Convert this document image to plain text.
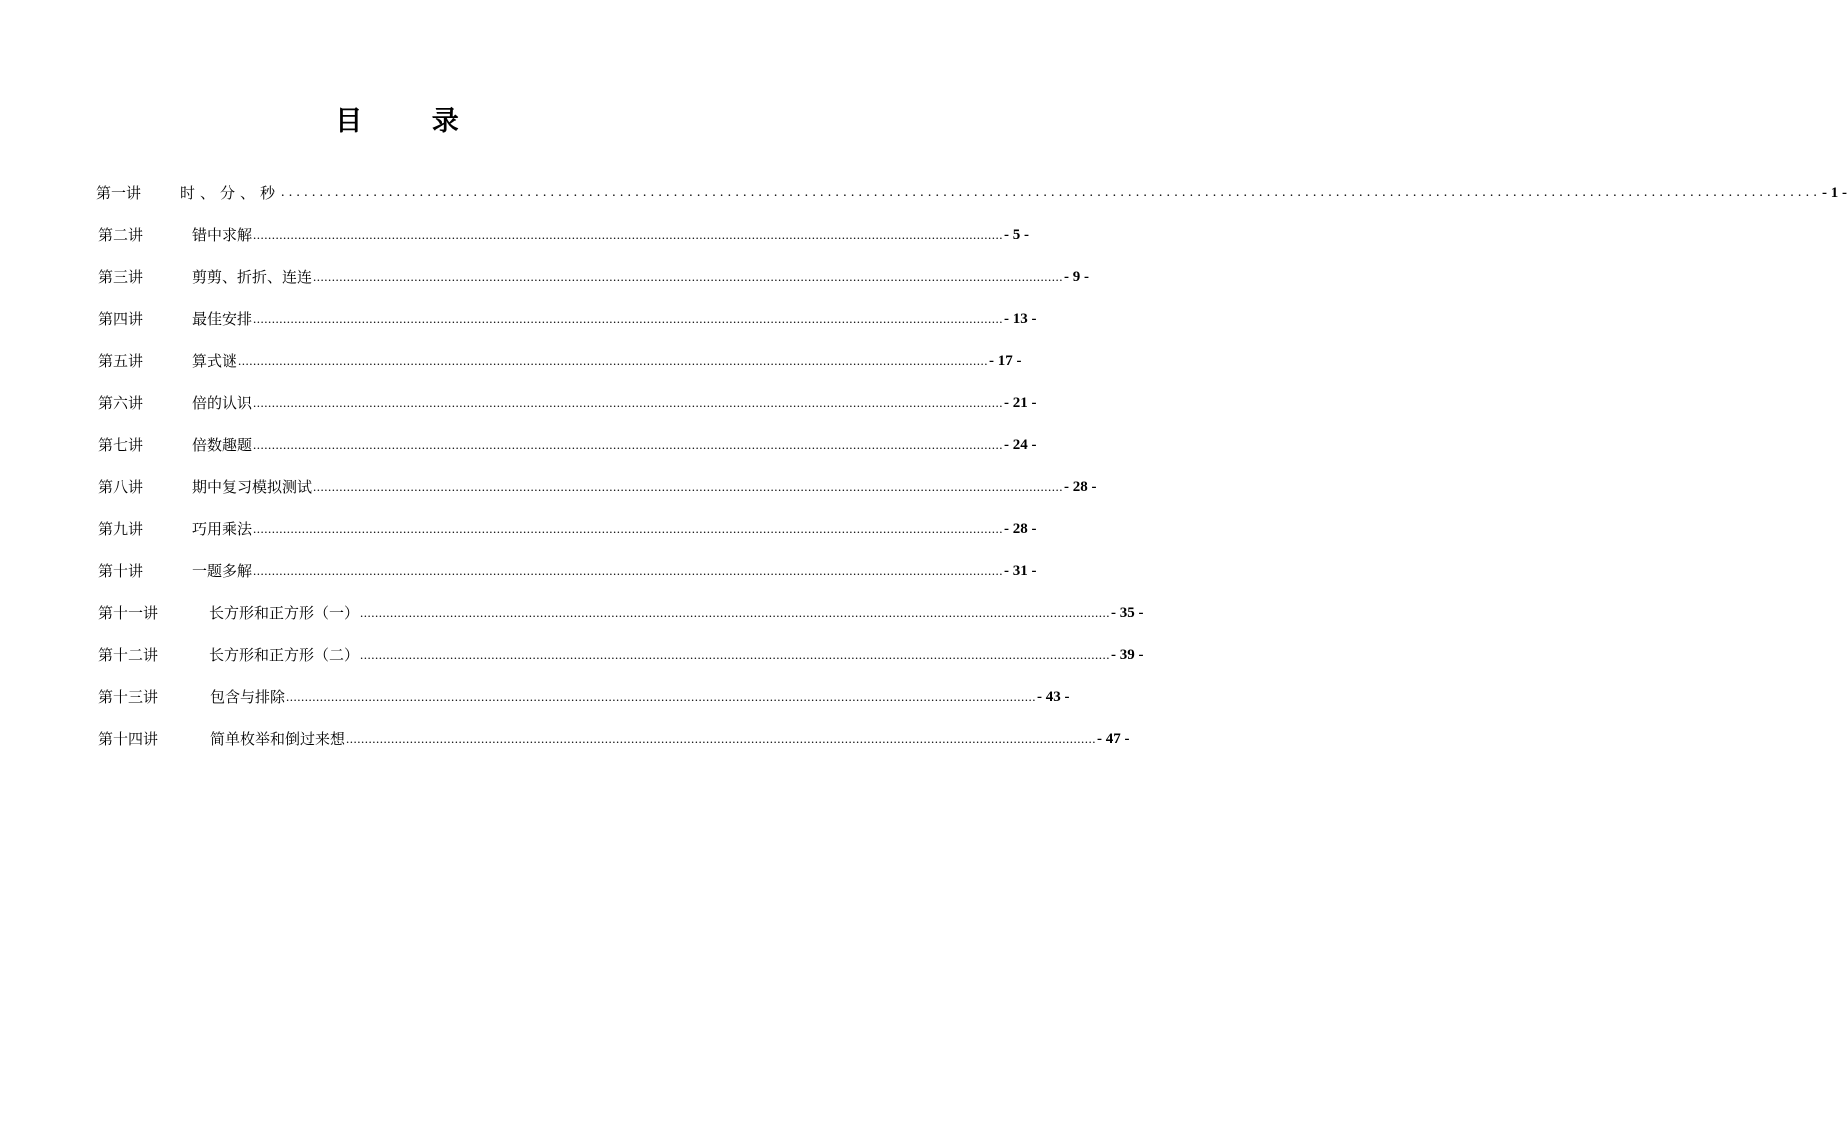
目 录
第一讲	时、分、秒 ........................................................................................................................................................................................................ - 1 -
第二讲	错中求解 ........................................................................................................................................................................................................ - 5 -
第三讲	剪剪、折折、连连 ........................................................................................................................................................................................................ - 9 -
第四讲	最佳安排 ........................................................................................................................................................................................................ - 13 -
第五讲	算式谜 ........................................................................................................................................................................................................ - 17 -
第六讲	倍的认识 ........................................................................................................................................................................................................ - 21 -
第七讲	倍数趣题 ........................................................................................................................................................................................................ - 24 -
第八讲	期中复习模拟测试 ........................................................................................................................................................................................................ - 28 -
第九讲	巧用乘法 ........................................................................................................................................................................................................ - 28 -
第十讲	一题多解 ........................................................................................................................................................................................................ - 31 -
第十一讲	长方形和正方形（一） ........................................................................................................................................................................................................ - 35 -
第十二讲	长方形和正方形（二） ........................................................................................................................................................................................................ - 39 -
第十三讲	包含与排除 ........................................................................................................................................................................................................ - 43 -
第十四讲	简单枚举和倒过来想 ........................................................................................................................................................................................................ - 47 -
